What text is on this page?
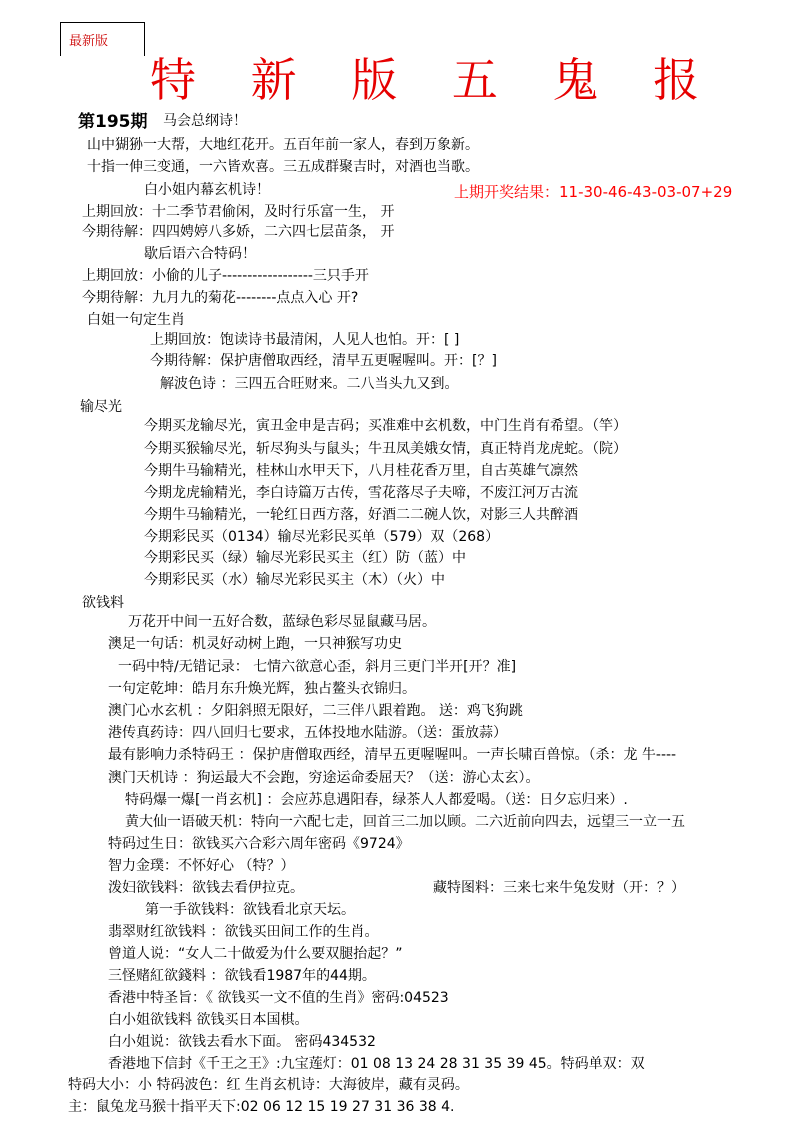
最新版
特 新 版 五 鬼 报
第195期
上期开奖结果：11-30-46-43-03-07+29
马会总纲诗！
山中猢狲一大帮，大地红花开。五百年前一家人，春到万象新。
十指一伸三变通，一六皆欢喜。三五成群聚吉时，对酒也当歌。
白小姐内幕玄机诗！
上期回放：十二季节君偷闲，及时行乐富一生， 开
今期待解：四四娉婷八多娇，二六四七层苗条， 开
歇后语六合特码！
上期回放：小偷的儿子------------------三只手开
今期待解：九月九的菊花--------点点入心 开?
白姐一句定生肖
上期回放：饱读诗书最清闲，人见人也怕。开：[ ]
今期待解：保护唐僧取西经，清早五更喔喔叫。开：[？]
解波色诗 ：三四五合旺财来。二八当头九又到。
输尽光
今期买龙输尽光，寅丑金申是吉码；买准难中玄机数，中门生肖有希望。（竿）
今期买猴输尽光，斩尽狗头与鼠头；牛丑凤美娥女情，真正特肖龙虎蛇。（院）
今期牛马输精光，桂林山水甲天下，八月桂花香万里，自古英雄气凛然
今期龙虎输精光，李白诗篇万古传，雪花落尽子夫啼，不废江河万古流
今期牛马输精光，一轮红日西方落，好酒二二碗人饮，对影三人共醉酒
今期彩民买（0134）输尽光彩民买单（579）双（268）
今期彩民买（绿）输尽光彩民买主（红）防（蓝）中
今期彩民买（水）输尽光彩民买主（木）（火）中
欲钱料
万花开中间一五好合数，蓝绿色彩尽显鼠藏马居。
澳足一句话：机灵好动树上跑，一只神猴写功史
一码中特/无错记录： 七情六欲意心歪，斜月三更门半开[开？准]
一句定乾坤：皓月东升焕光辉，独占鳌头衣锦归。
澳门心水玄机 ：夕阳斜照无限好，二三伴八跟着跑。 送：鸡飞狗跳
港传真药诗：四八回归七要求，五体投地水陆游。（送：蛋放蒜）
最有影响力杀特码王 ：保护唐僧取西经，清早五更喔喔叫。一声长啸百兽惊。（杀：龙 牛----
澳门天机诗 ：狗运最大不会跑，穷途运命委屈天？（送：游心太玄）。
特码爆一爆[一肖玄机] ：会应苏息遇阳春，绿茶人人都爱喝。（送：日夕忘归来）.
黄大仙一语破天机：特向一六配七走，回首三二加以顾。二六近前向四去，远望三一立一五
特码过生日：欲钱买六合彩六周年密码《9724》
智力金璞：不怀好心 （特？）
泼妇欲钱料：欲钱去看伊拉克。	藏特图料：三来七来牛兔发财（开：？）
第一手欲钱料：欲钱看北京天坛。
翡翠财红欲钱料 ：欲钱买田间工作的生肖。
曾道人说：“女人二十做爱为什么要双腿抬起？”
三怪赌紅欲錢料 ：欲钱看1987年的44期。
香港中特圣旨：《 欲钱买一文不值的生肖》密码:04523
白小姐欲钱料 欲钱买日本国棋。
白小姐说：欲钱去看水下面。 密码434532
香港地下信封《千王之王》:九宝莲灯：01 08 13 24 28 31 35 39 45。特码单双：双
特码大小：小 特码波色：红 生肖玄机诗：大海彼岸，藏有灵码。
主：鼠兔龙马猴十指平天下:02 06 12 15 19 27 31 36 38 4.
